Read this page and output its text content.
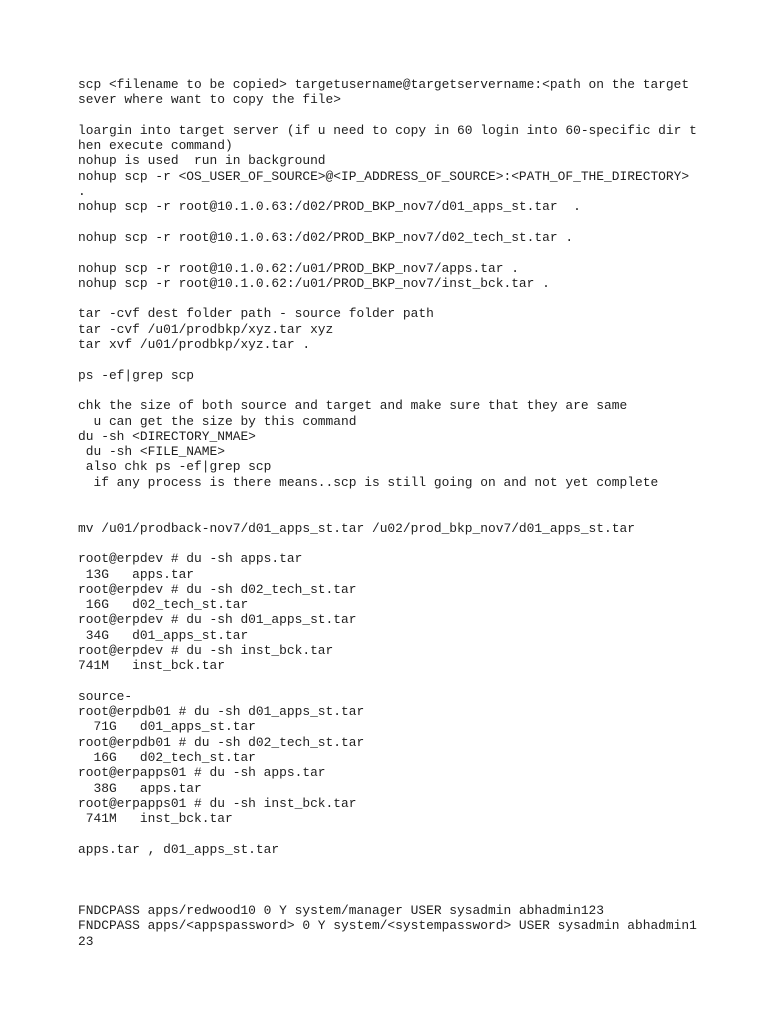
scp <filename to be copied> targetusername@targetservername:<path on the target
sever where want to copy the file>
loargin into target server (if u need to copy in 60 login into 60-specific dir t
hen execute command)
nohup is used  run in background
nohup scp -r <OS_USER_OF_SOURCE>@<IP_ADDRESS_OF_SOURCE>:<PATH_OF_THE_DIRECTORY>
.
nohup scp -r root@10.1.0.63:/d02/PROD_BKP_nov7/d01_apps_st.tar  .
nohup scp -r root@10.1.0.63:/d02/PROD_BKP_nov7/d02_tech_st.tar .
nohup scp -r root@10.1.0.62:/u01/PROD_BKP_nov7/apps.tar .
nohup scp -r root@10.1.0.62:/u01/PROD_BKP_nov7/inst_bck.tar .
tar -cvf dest folder path - source folder path
tar -cvf /u01/prodbkp/xyz.tar xyz
tar xvf /u01/prodbkp/xyz.tar .
ps -ef|grep scp
chk the size of both source and target and make sure that they are same
u can get the size by this command
du -sh <DIRECTORY_NMAE>
du -sh <FILE_NAME>
also chk ps -ef|grep scp
if any process is there means..scp is still going on and not yet complete
mv /u01/prodback-nov7/d01_apps_st.tar /u02/prod_bkp_nov7/d01_apps_st.tar
root@erpdev # du -sh apps.tar
13G   apps.tar
root@erpdev # du -sh d02_tech_st.tar
16G   d02_tech_st.tar
root@erpdev # du -sh d01_apps_st.tar
34G   d01_apps_st.tar
root@erpdev # du -sh inst_bck.tar
741M   inst_bck.tar
source-
root@erpdb01 # du -sh d01_apps_st.tar
71G   d01_apps_st.tar
root@erpdb01 # du -sh d02_tech_st.tar
16G   d02_tech_st.tar
root@erpapps01 # du -sh apps.tar
38G   apps.tar
root@erpapps01 # du -sh inst_bck.tar
741M   inst_bck.tar
apps.tar , d01_apps_st.tar
FNDCPASS apps/redwood10 0 Y system/manager USER sysadmin abhadmin123
FNDCPASS apps/<appspassword> 0 Y system/<systempassword> USER sysadmin abhadmin1
23
